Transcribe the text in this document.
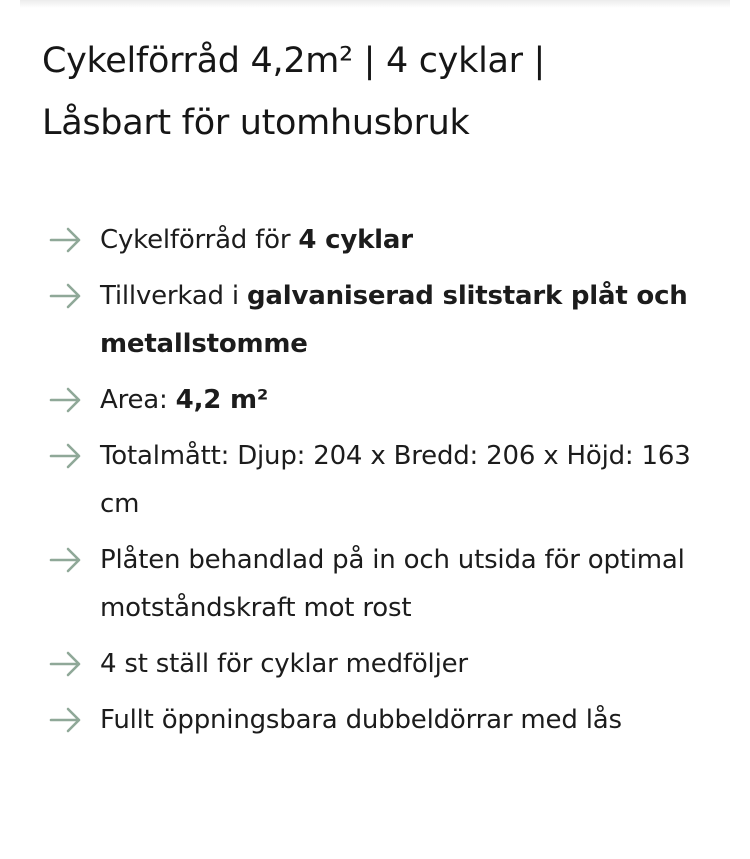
Cykelförråd 4,2m² | 4 cyklar |
Låsbart för utomhusbruk
Cykelförråd för 4 cyklar
Tillverkad i galvaniserad slitstark plåt och metallstomme
Area: 4,2 m²
Totalmått: Djup: 204 x Bredd: 206 x Höjd: 163 cm
Plåten behandlad på in och utsida för optimal motståndskraft mot rost
4 st ställ för cyklar medföljer
Fullt öppningsbara dubbeldörrar med lås
